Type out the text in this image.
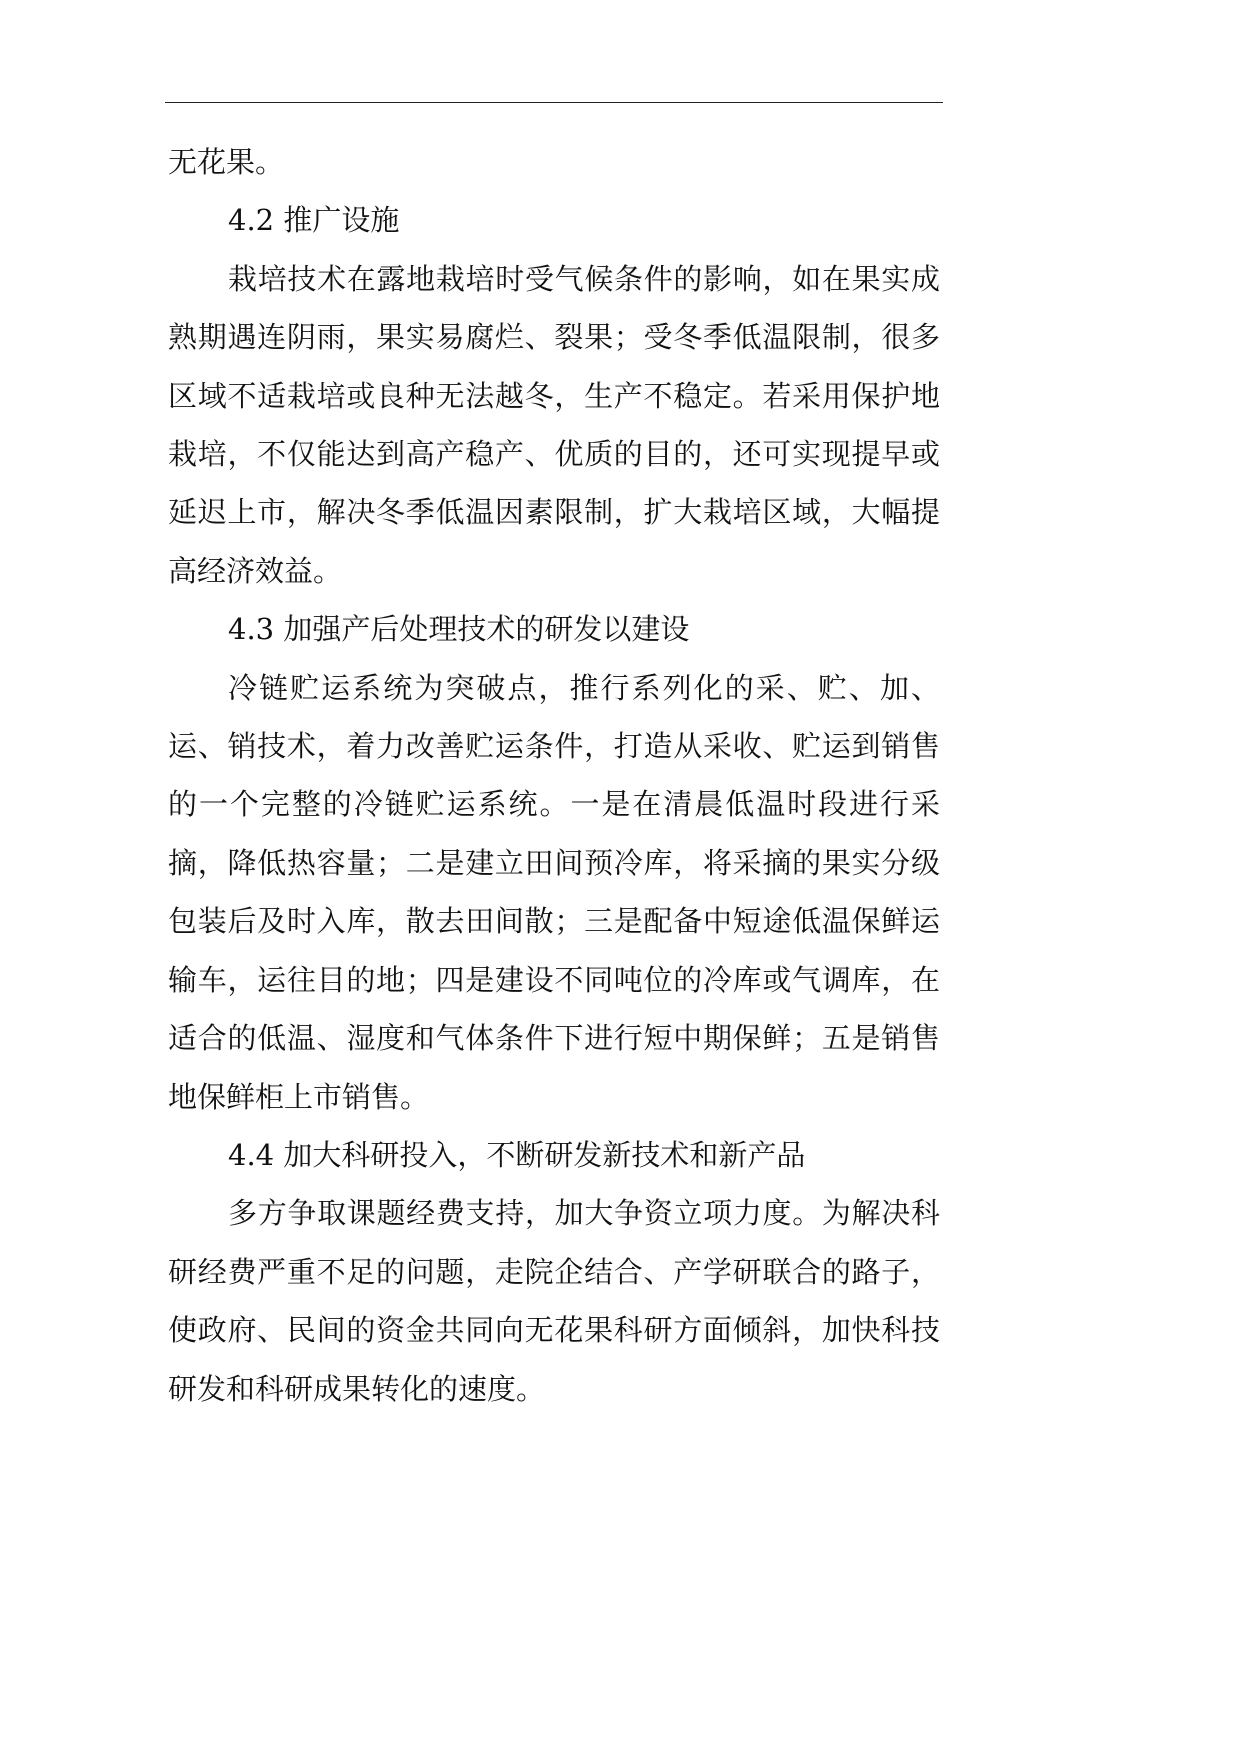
无花果。

4.2 推广设施

栽培技术在露地栽培时受气候条件的影响，如在果实成熟期遇连阴雨，果实易腐烂、裂果；受冬季低温限制，很多区域不适栽培或良种无法越冬，生产不稳定。若采用保护地栽培，不仅能达到高产稳产、优质的目的，还可实现提早或延迟上市，解决冬季低温因素限制，扩大栽培区域，大幅提高经济效益。

4.3 加强产后处理技术的研发以建设

冷链贮运系统为突破点，推行系列化的采、贮、加、运、销技术，着力改善贮运条件，打造从采收、贮运到销售的一个完整的冷链贮运系统。一是在清晨低温时段进行采摘，降低热容量；二是建立田间预冷库，将采摘的果实分级包装后及时入库，散去田间散；三是配备中短途低温保鲜运输车，运往目的地；四是建设不同吨位的冷库或气调库，在适合的低温、湿度和气体条件下进行短中期保鲜；五是销售地保鲜柜上市销售。

4.4 加大科研投入，不断研发新技术和新产品

多方争取课题经费支持，加大争资立项力度。为解决科研经费严重不足的问题，走院企结合、产学研联合的路子，使政府、民间的资金共同向无花果科研方面倾斜，加快科技研发和科研成果转化的速度。
